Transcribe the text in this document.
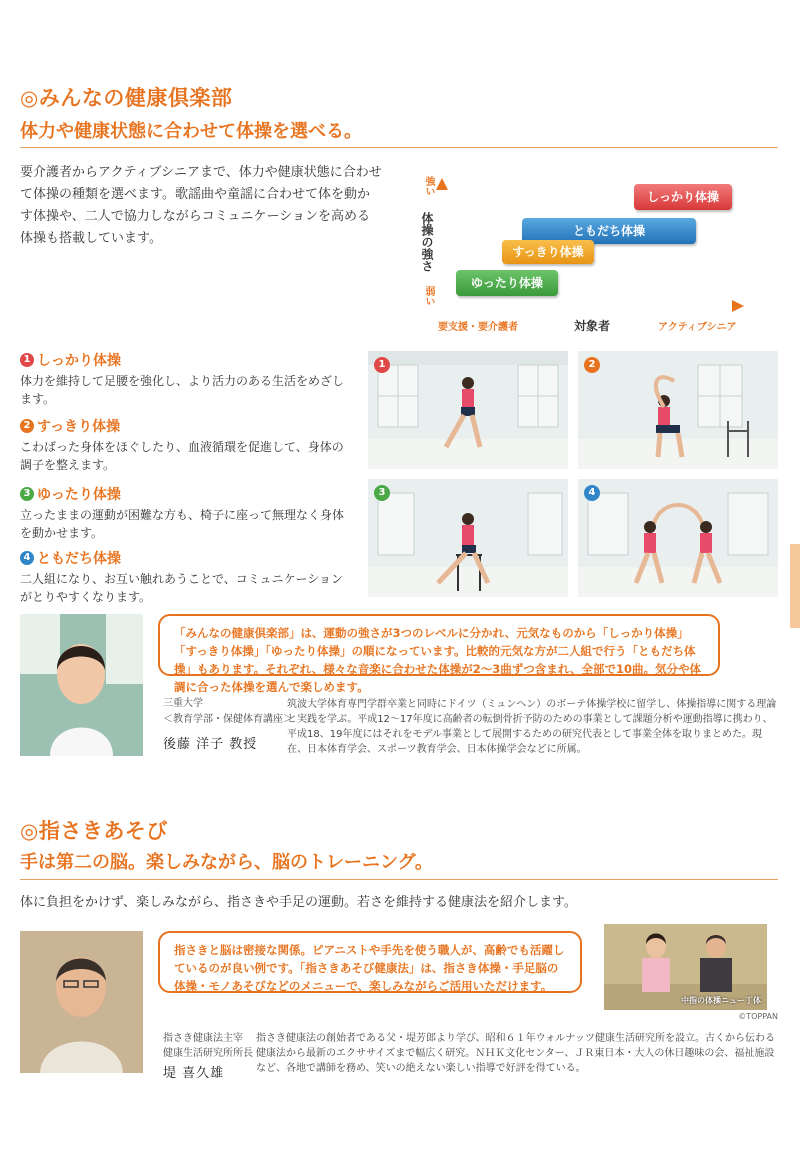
◎みんなの健康倶楽部
体力や健康状態に合わせて体操を選べる。
要介護者からアクティブシニアまで、体力や健康状態に合わせて体操の種類を選べます。歌謡曲や童謡に合わせて体を動かす体操や、二人で協力しながらコミュニケーションを高める体操も搭載しています。
強い
体操の強さ
弱い
要支援・要介護者	対象者	アクティブシニア
しっかり体操
ともだち体操
すっきり体操
ゆったり体操
1 しっかり体操
体力を維持して足腰を強化し、より活力のある生活をめざします。
2 すっきり体操
こわばった身体をほぐしたり、血液循環を促進して、身体の調子を整えます。
3 ゆったり体操
立ったままの運動が困難な方も、椅子に座って無理なく身体を動かせます。
4 ともだち体操
二人組になり、お互い触れあうことで、コミュニケーションがとりやすくなります。
1	2
3	4
「みんなの健康倶楽部」は、運動の強さが3つのレベルに分かれ、元気なものから「しっかり体操」「すっきり体操」「ゆったり体操」の順になっています。比較的元気な方が二人組で行う「ともだち体操」もあります。それぞれ、様々な音楽に合わせた体操が2〜3曲ずつ含まれ、全部で10曲。気分や体調に合った体操を選んで楽しめます。
三重大学
＜教育学部・保健体育講座＞
後藤 洋子 教授
筑波大学体育専門学群卒業と同時にドイツ（ミュンヘン）のボーテ体操学校に留学し、体操指導に関する理論と実践を学ぶ。平成12〜17年度に高齢者の転倒骨折予防のための事業として課題分析や運動指導に携わり、平成18、19年度にはそれをモデル事業として展開するための研究代表として事業全体を取りまとめた。現在、日本体育学会、スポーツ教育学会、日本体操学会などに所属。
◎指さきあそび
手は第二の脳。楽しみながら、脳のトレーニング。
体に負担をかけず、楽しみながら、指さきや手足の運動。若さを維持する健康法を紹介します。
指さきと脳は密接な関係。ピアニストや手先を使う職人が、高齢でも活躍しているのが良い例です。「指さきあそび健康法」は、指さき体操・手足脳の体操・モノあそびなどのメニューで、楽しみながらご活用いただけます。
中指の体操ニュー丁体
©TOPPAN
指さき健康法主宰
健康生活研究所所長
堤 喜久雄
指さき健康法の創始者である父・堤芳郎より学び、昭和６１年ウォルナッツ健康生活研究所を設立。古くから伝わる健康法から最新のエクササイズまで幅広く研究。ＮＨＫ文化センター、ＪＲ東日本・大人の休日趣味の会、福祉施設など、各地で講師を務め、笑いの絶えない楽しい指導で好評を得ている。
